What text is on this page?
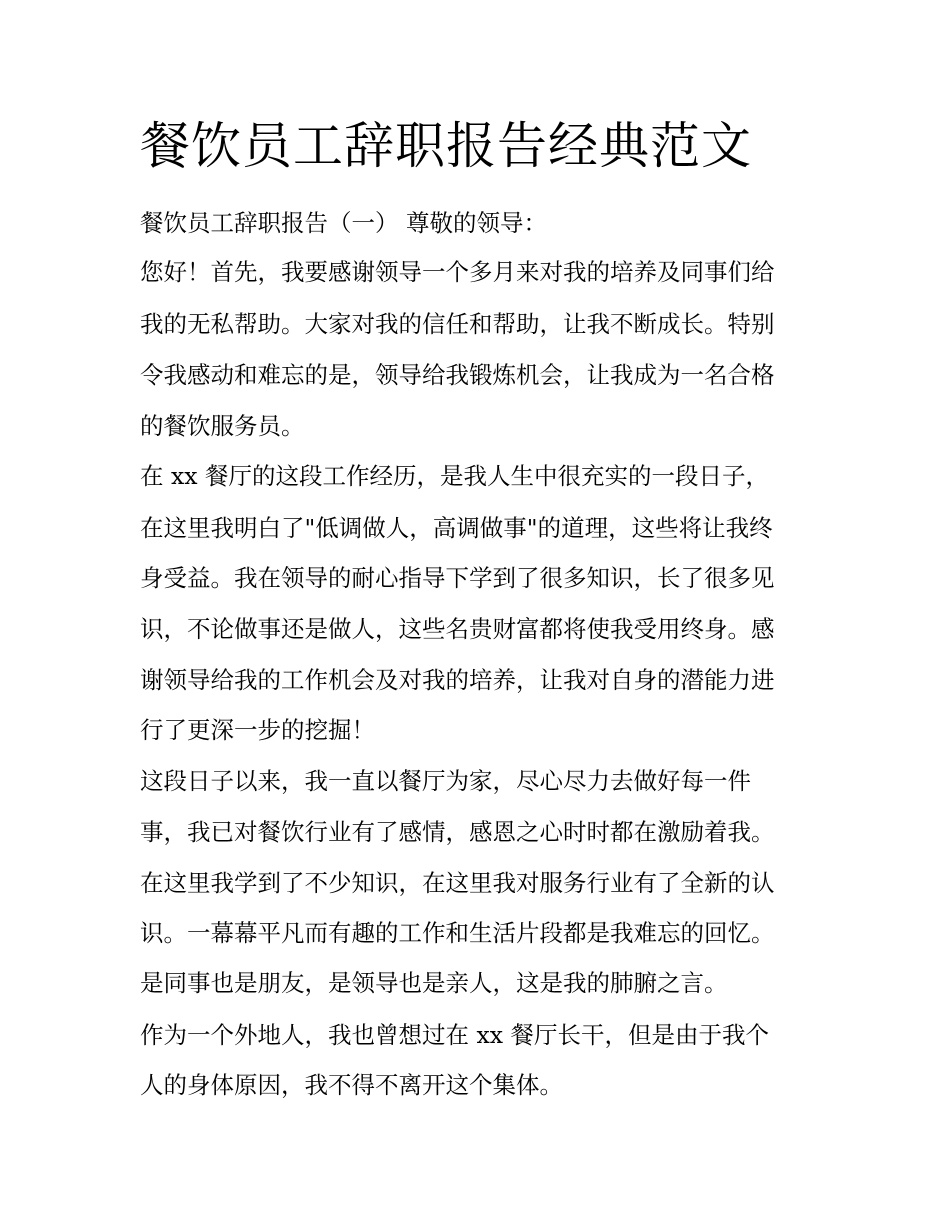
餐饮员工辞职报告经典范文

餐饮员工辞职报告（一） 尊敬的领导：

您好！首先，我要感谢领导一个多月来对我的培养及同事们给

我的无私帮助。大家对我的信任和帮助，让我不断成长。特别

令我感动和难忘的是，领导给我锻炼机会，让我成为一名合格

的餐饮服务员。

在 xx 餐厅的这段工作经历，是我人生中很充实的一段日子，

在这里我明白了"低调做人，高调做事"的道理，这些将让我终

身受益。我在领导的耐心指导下学到了很多知识，长了很多见

识，不论做事还是做人，这些名贵财富都将使我受用终身。感

谢领导给我的工作机会及对我的培养，让我对自身的潜能力进

行了更深一步的挖掘！

这段日子以来，我一直以餐厅为家，尽心尽力去做好每一件

事，我已对餐饮行业有了感情，感恩之心时时都在激励着我。

在这里我学到了不少知识，在这里我对服务行业有了全新的认

识。一幕幕平凡而有趣的工作和生活片段都是我难忘的回忆。

是同事也是朋友，是领导也是亲人，这是我的肺腑之言。

作为一个外地人，我也曾想过在 xx 餐厅长干，但是由于我个

人的身体原因，我不得不离开这个集体。
